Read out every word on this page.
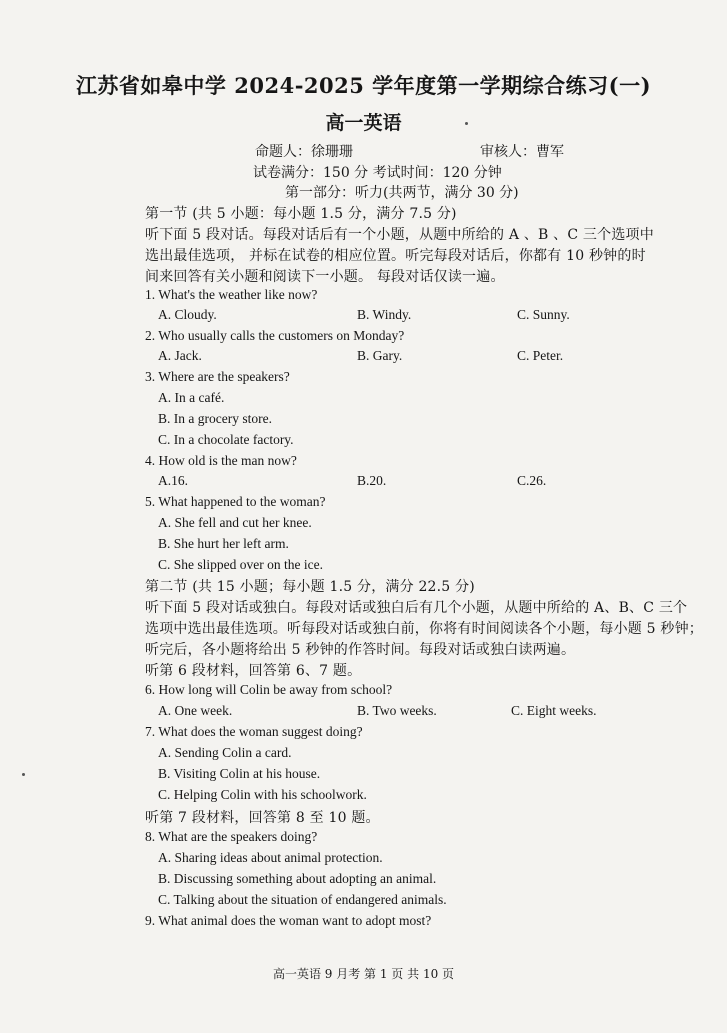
江苏省如皋中学 2024-2025 学年度第一学期综合练习(一)
高一英语
命题人：徐珊珊	审核人：曹军
试卷满分：150 分 考试时间：120 分钟
第一部分：听力(共两节，满分 30 分)
第一节 (共 5 小题：每小题 1.5 分，满分 7.5 分)
听下面 5 段对话。每段对话后有一个小题，从题中所给的 A 、B 、C 三个选项中
选出最佳选项， 并标在试卷的相应位置。听完每段对话后，你都有 10 秒钟的时
间来回答有关小题和阅读下一小题。 每段对话仅读一遍。
1. What's the weather like now?
A. Cloudy.	B. Windy.	C. Sunny.
2. Who usually calls the customers on Monday?
A. Jack.	B. Gary.	C. Peter.
3. Where are the speakers?
A. In a café.
B. In a grocery store.
C. In a chocolate factory.
4. How old is the man now?
A.16.	B.20.	C.26.
5. What happened to the woman?
A. She fell and cut her knee.
B. She hurt her left arm.
C. She slipped over on the ice.
第二节 (共 15 小题；每小题 1.5 分，满分 22.5 分)
听下面 5 段对话或独白。每段对话或独白后有几个小题，从题中所给的 A、B、C 三个
选项中选出最佳选项。听每段对话或独白前，你将有时间阅读各个小题，每小题 5 秒钟；
听完后，各小题将给出 5 秒钟的作答时间。每段对话或独白读两遍。
听第 6 段材料，回答第 6、7 题。
6. How long will Colin be away from school?
A. One week.	B. Two weeks.	C. Eight weeks.
7. What does the woman suggest doing?
A. Sending Colin a card.
B. Visiting Colin at his house.
C. Helping Colin with his schoolwork.
听第 7 段材料，回答第 8 至 10 题。
8. What are the speakers doing?
A. Sharing ideas about animal protection.
B. Discussing something about adopting an animal.
C. Talking about the situation of endangered animals.
9. What animal does the woman want to adopt most?
高一英语 9 月考 第 1 页 共 10 页
